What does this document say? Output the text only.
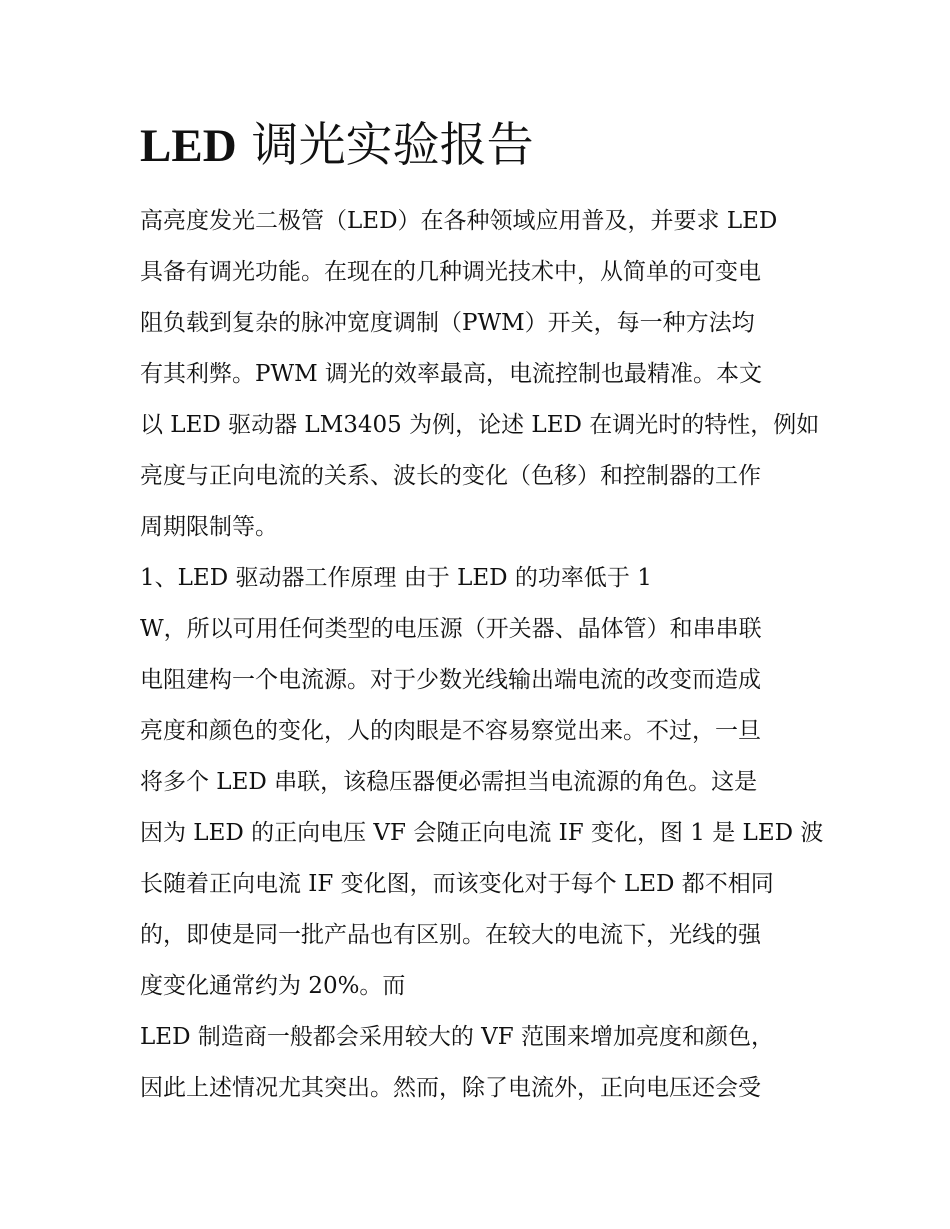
LED 调光实验报告

高亮度发光二极管（LED）在各种领域应用普及，并要求 LED
具备有调光功能。在现在的几种调光技术中，从简单的可变电
阻负载到复杂的脉冲宽度调制（PWM）开关，每一种方法均
有其利弊。PWM 调光的效率最高，电流控制也最精准。本文
以 LED 驱动器 LM3405 为例，论述 LED 在调光时的特性，例如
亮度与正向电流的关系、波长的变化（色移）和控制器的工作
周期限制等。

1、LED 驱动器工作原理 由于 LED 的功率低于 1

W，所以可用任何类型的电压源（开关器、晶体管）和串串联
电阻建构一个电流源。对于少数光线输出端电流的改变而造成
亮度和颜色的变化，人的肉眼是不容易察觉出来。不过，一旦
将多个 LED 串联，该稳压器便必需担当电流源的角色。这是
因为 LED 的正向电压 VF 会随正向电流 IF 变化，图 1 是 LED 波
长随着正向电流 IF 变化图，而该变化对于每个 LED 都不相同
的，即使是同一批产品也有区别。在较大的电流下，光线的强
度变化通常约为 20%。而

LED 制造商一般都会采用较大的 VF 范围来增加亮度和颜色，
因此上述情况尤其突出。然而，除了电流外，正向电压还会受
